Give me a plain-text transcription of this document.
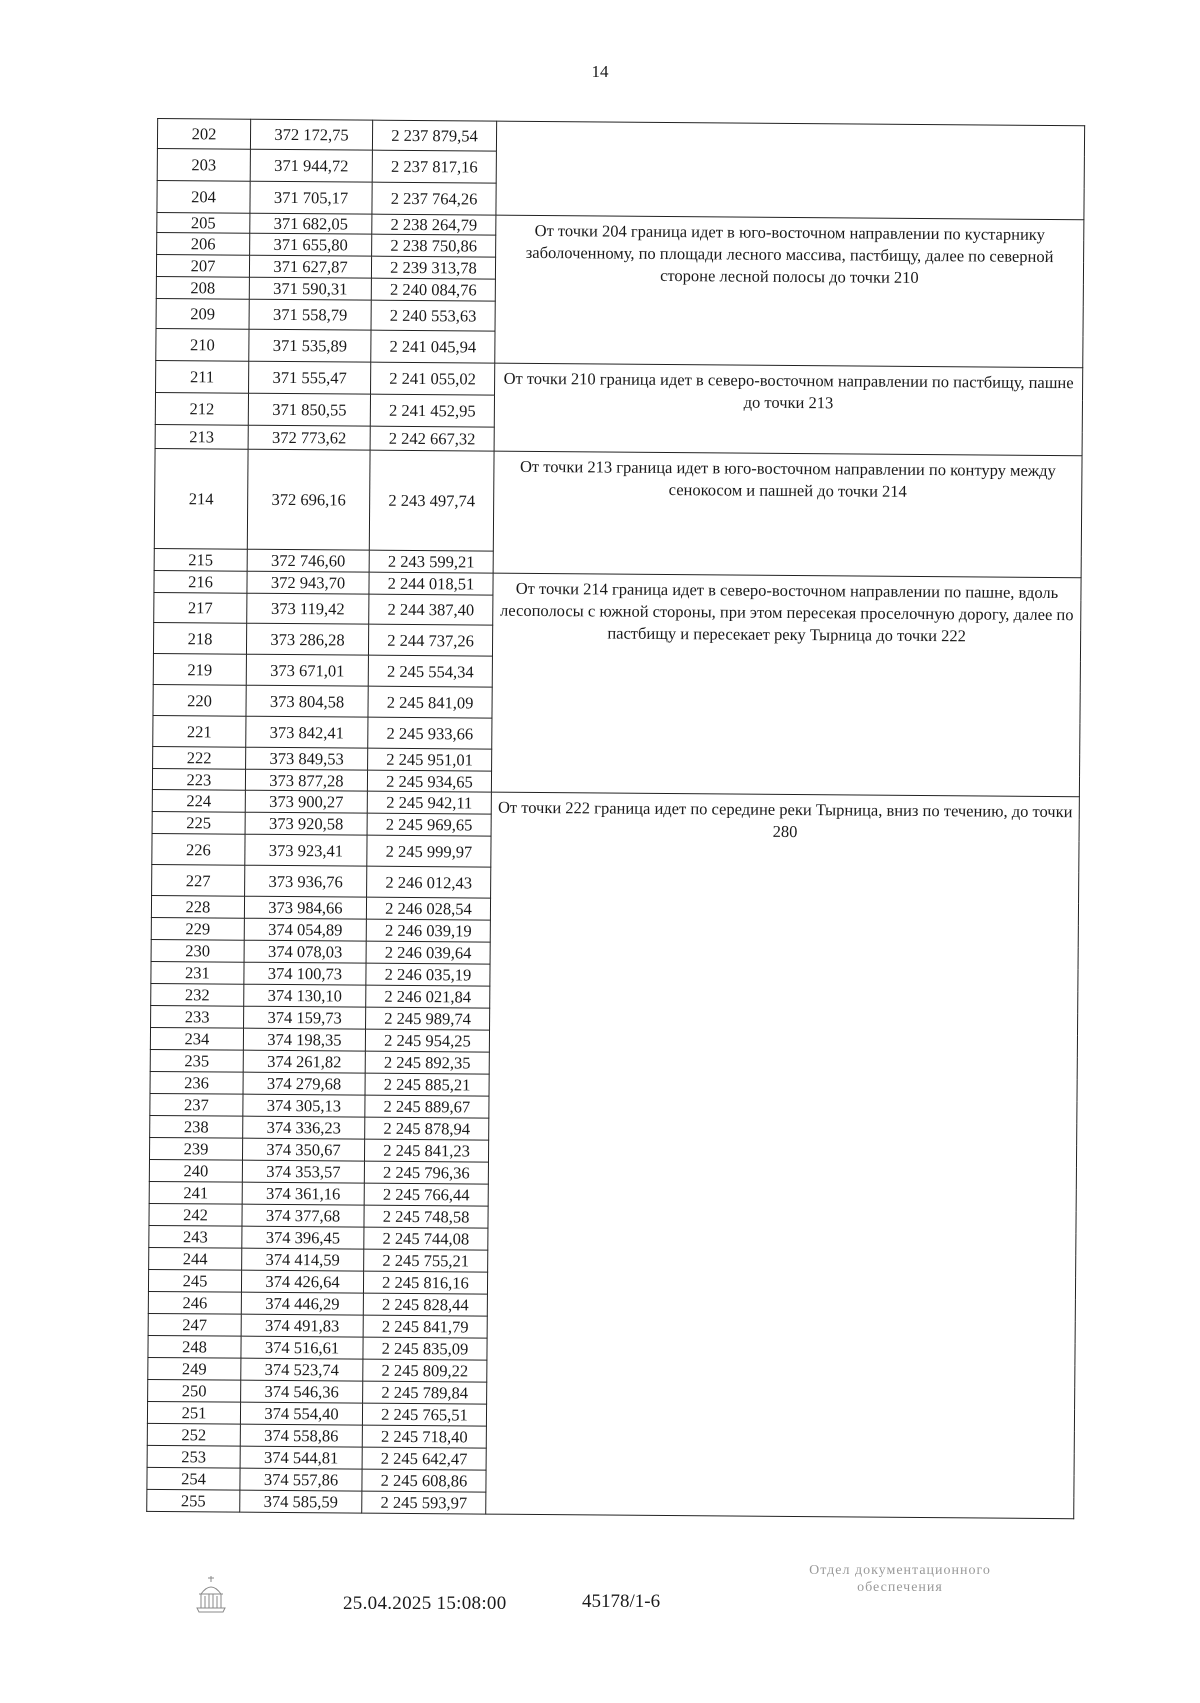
14
202	372 172,75	2 237 879,54	
203	371 944,72	2 237 817,16	
204	371 705,17	2 237 764,26	
205	371 682,05	2 238 264,79	От точки 204 граница идет в юго-восточном направлении по кустарнику заболоченному, по площади лесного массива, пастбищу, далее по северной стороне лесной полосы до точки 210
206	371 655,80	2 238 750,86	
207	371 627,87	2 239 313,78	
208	371 590,31	2 240 084,76	
209	371 558,79	2 240 553,63	
210	371 535,89	2 241 045,94	
211	371 555,47	2 241 055,02	От точки 210 граница идет в северо-восточном направлении по пастбищу, пашне до точки 213
212	371 850,55	2 241 452,95	
213	372 773,62	2 242 667,32	
214	372 696,16	2 243 497,74	От точки 213 граница идет в юго-восточном направлении по контуру между сенокосом и пашней до точки 214
215	372 746,60	2 243 599,21	
216	372 943,70	2 244 018,51	От точки 214 граница идет в северо-восточном направлении по пашне, вдоль лесополосы с южной стороны, при этом пересекая проселочную дорогу, далее по пастбищу и пересекает реку Тырница до точки 222
217	373 119,42	2 244 387,40	
218	373 286,28	2 244 737,26	
219	373 671,01	2 245 554,34	
220	373 804,58	2 245 841,09	
221	373 842,41	2 245 933,66	
222	373 849,53	2 245 951,01	
223	373 877,28	2 245 934,65	
224	373 900,27	2 245 942,11	От точки 222 граница идет по середине реки Тырница, вниз по течению, до точки 280
225	373 920,58	2 245 969,65	
226	373 923,41	2 245 999,97	
227	373 936,76	2 246 012,43	
228	373 984,66	2 246 028,54	
229	374 054,89	2 246 039,19	
230	374 078,03	2 246 039,64	
231	374 100,73	2 246 035,19	
232	374 130,10	2 246 021,84	
233	374 159,73	2 245 989,74	
234	374 198,35	2 245 954,25	
235	374 261,82	2 245 892,35	
236	374 279,68	2 245 885,21	
237	374 305,13	2 245 889,67	
238	374 336,23	2 245 878,94	
239	374 350,67	2 245 841,23	
240	374 353,57	2 245 796,36	
241	374 361,16	2 245 766,44	
242	374 377,68	2 245 748,58	
243	374 396,45	2 245 744,08	
244	374 414,59	2 245 755,21	
245	374 426,64	2 245 816,16	
246	374 446,29	2 245 828,44	
247	374 491,83	2 245 841,79	
248	374 516,61	2 245 835,09	
249	374 523,74	2 245 809,22	
250	374 546,36	2 245 789,84	
251	374 554,40	2 245 765,51	
252	374 558,86	2 245 718,40	
253	374 544,81	2 245 642,47	
254	374 557,86	2 245 608,86	
255	374 585,59	2 245 593,97	
25.04.2025 15:08:00	45178/1-6
Отдел документационного
обеспечения
